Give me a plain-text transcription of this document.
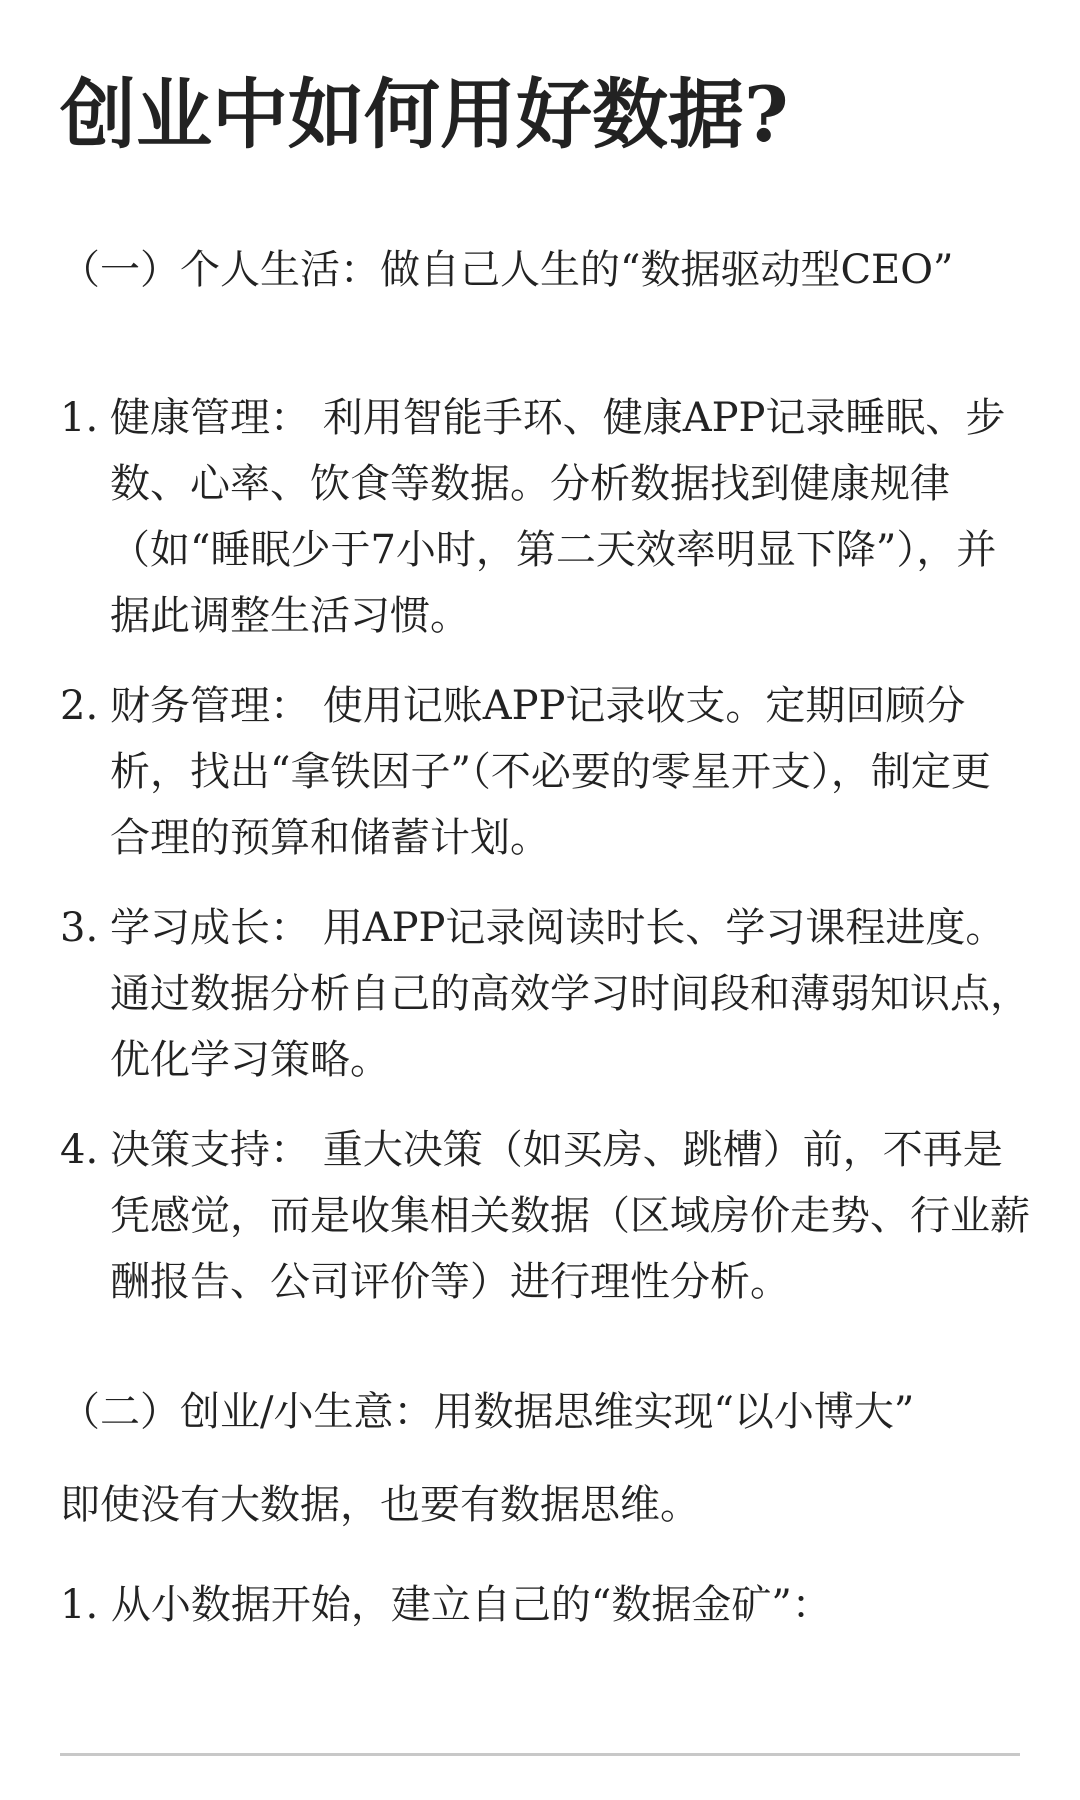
创业中如何用好数据?

（一）个人生活：做自己人生的“数据驱动型CEO”

1. 健康管理： 利用智能手环、健康APP记录睡眠、步数、心率、饮食等数据。分析数据找到健康规律（如“睡眠少于7小时，第二天效率明显下降”），并据此调整生活习惯。
2. 财务管理： 使用记账APP记录收支。定期回顾分析，找出“拿铁因子”（不必要的零星开支），制定更合理的预算和储蓄计划。
3. 学习成长： 用APP记录阅读时长、学习课程进度。通过数据分析自己的高效学习时间段和薄弱知识点，优化学习策略。
4. 决策支持： 重大决策（如买房、跳槽）前，不再是凭感觉，而是收集相关数据（区域房价走势、行业薪酬报告、公司评价等）进行理性分析。

（二）创业/小生意：用数据思维实现“以小博大”

即使没有大数据，也要有数据思维。

1. 从小数据开始，建立自己的“数据金矿”：
